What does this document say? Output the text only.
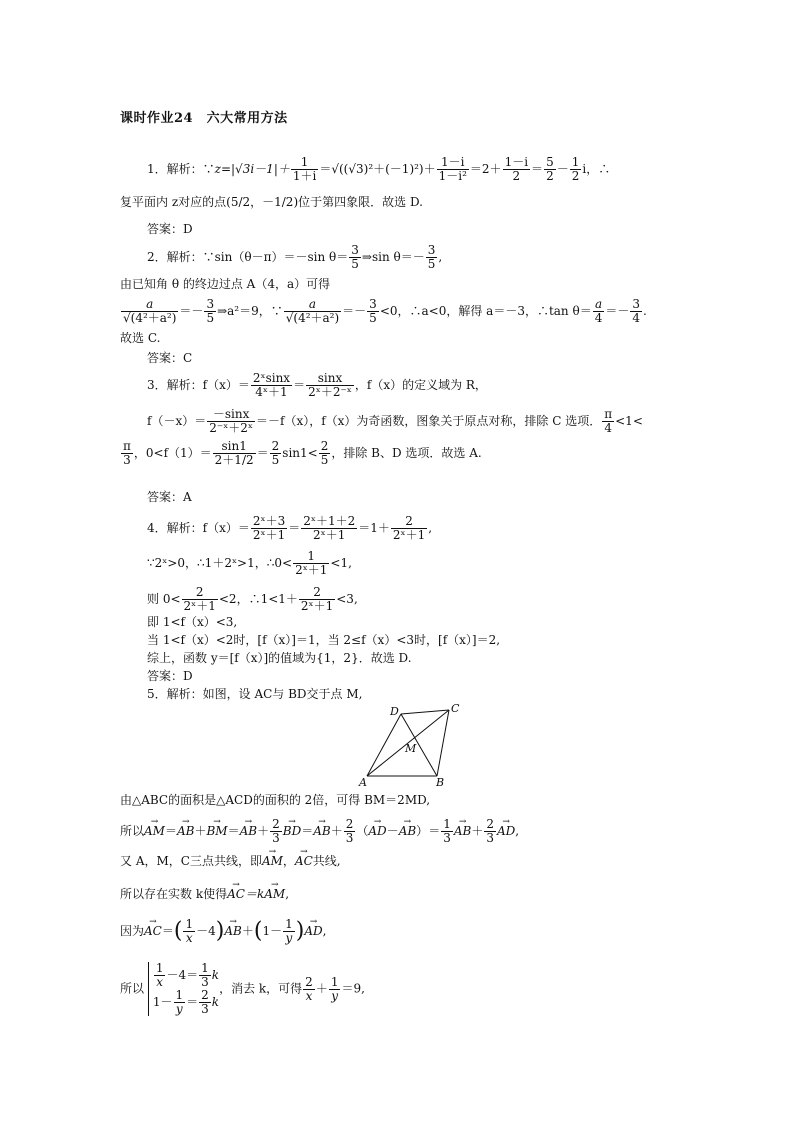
课时作业24　六大常用方法
1．解析：∵z=|√3i－1|＋ $\frac{1}{1+i} =√((√3)^2+(-1)^2)+ \frac{1-i}{\text{1－i²}} =2+ \frac{1-i}{2} = \frac{5}{2} - \frac{1}{2}$ i，∴
复平面内 z对应的点(5/2，－1/2)位于第四象限．故选 D.
答案：D
2．解析：∵sin（θ－π）＝－sin $\theta= \frac{3}{5}$ ⇒sin $\theta=- \frac{3}{5}$ ,
由已知角 θ 的终边过点 A（4，a）可得
$\frac{a}{\text{√(4²＋a²)}} =- \frac{3}{5}$ ⇒a²＝9，∵ $\frac{a}{\text{√(4²＋a²)}} =- \frac{3}{5} <0$，∴a<0，解得 a＝－3，∴tan $\theta= \frac{a}{4} =- \frac{3}{4}$ .
故选 C.
答案：C
3．解析：$f(x)= \frac{\text{2ˣsinx}}{\text{4ˣ＋1}} = \frac{\sin x}{\text{2ˣ＋2⁻ˣ}}$ ，f（x）的定义域为 R，
$f(-x)= \frac{-\sin x}{\text{2⁻ˣ＋2ˣ}} =-f(x)$，f（x）为奇函数，图象关于原点对称，排除 C 选项． $\frac{\pi}{4} <1<$
$\frac{\pi}{3}$ ，$0<f(1)= \frac{\sin 1}{2+1/2} = \frac{2}{5} \sin 1< \frac{2}{5}$ ，排除 B、D 选项．故选 A.
答案：A
4．解析：$f(x)= \frac{\text{2ˣ＋3}}{\text{2ˣ＋1}} = \frac{\text{2ˣ＋1＋2}}{\text{2ˣ＋1}} =1+ \frac{2}{\text{2ˣ＋1}}$ ,
∵2ˣ>0，∴1＋2ˣ>1，∴0< $\frac{1}{\text{2ˣ＋1}} <1$,
则 $0< \frac{2}{\text{2ˣ＋1}} <2$，∴1<1＋ $\frac{2}{\text{2ˣ＋1}} <3$,
即 1<f（x）<3,
当 1<f（x）<2时，[f（x）]＝1，当 2≤f（x）<3时，[f（x）]＝2,
综上，函数 y＝[f（x）]的值域为{1，2}．故选 D.
答案：D
5．解析：如图，设 AC与 BD交于点 M,
A	B
C
D
M
由△ABC的面积是△ACD的面积的 2倍，可得 BM＝2MD,
所以→ $AM=\to AB+\to BM=\to AB+ \frac{2}{3}$
→ $BD=\to AB+ \frac{2}{3}$ （→ $AD-\to AB)= \frac{1}{3}$
→ $AB+ \frac{2}{3}$
→ AD,
又 A，M，C三点共线，即→ AM，→ AC共线,
所以存在实数 k使得→ AC＝k→ AM,
因为→ $AC=( \frac{1}{x} -4)\to AB+(1- \frac{1}{y}$ )→ AD,
所以 $\frac{1}{x} -4= \frac{1}{3}$ k
$1- \frac{1}{y} = \frac{2}{3}$ k
，消去 k，可得 $\frac{2}{x} + \frac{1}{y} =9$,
